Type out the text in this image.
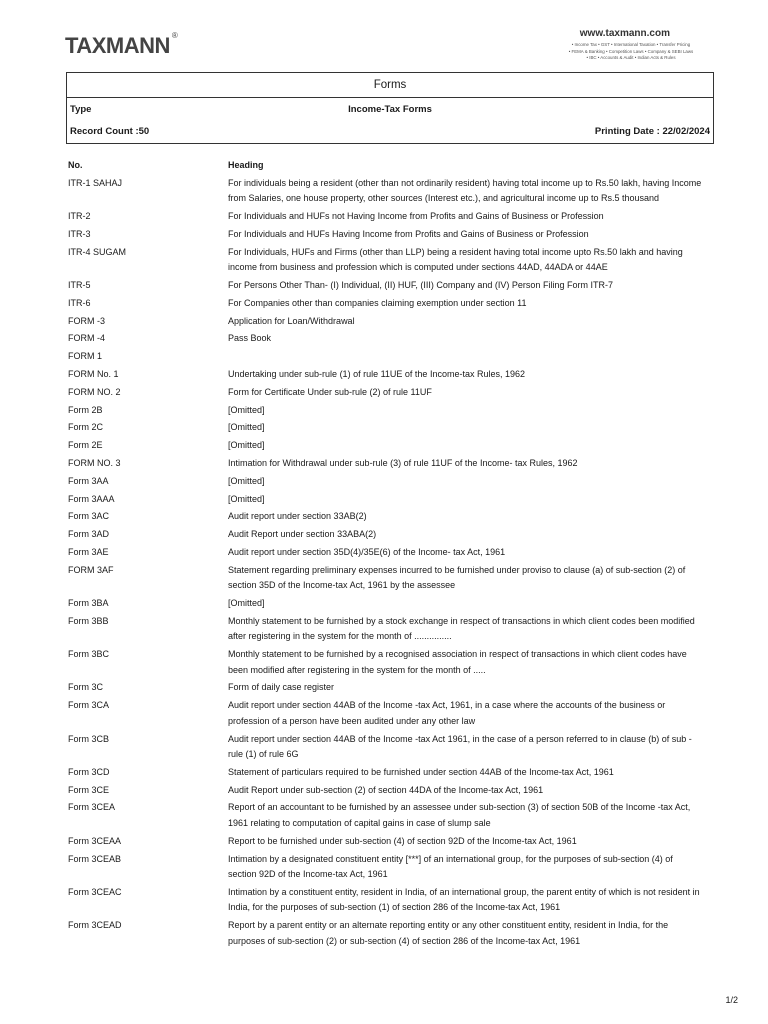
TAXMANN ®	www.taxmann.com
• Income Tax • GST • International Taxation • Transfer Pricing
• FEMA & Banking • Competition Laws • Company & SEBI Laws
• IBC • Accounts & Audit • Indian Acts & Rules
Forms
Type	Income-Tax Forms
Record Count :50	Printing Date : 22/02/2024
No.	Heading
ITR-1 SAHAJ	For individuals being a resident (other than not ordinarily resident) having total income up to Rs.50 lakh, having Income from Salaries, one house property, other sources (Interest etc.), and agricultural income up to Rs.5 thousand
ITR-2	For Individuals and HUFs not Having Income from Profits and Gains of Business or Profession
ITR-3	For Individuals and HUFs Having Income from Profits and Gains of Business or Profession
ITR-4 SUGAM	For Individuals, HUFs and Firms (other than LLP) being a resident having total income upto Rs.50 lakh and having income from business and profession which is computed under sections 44AD, 44ADA or 44AE
ITR-5	For Persons Other Than- (I) Individual, (II) HUF, (III) Company and (IV) Person Filing Form ITR-7
ITR-6	For Companies other than companies claiming exemption under section 11
FORM -3	Application for Loan/Withdrawal
FORM -4	Pass Book
FORM 1	
FORM No. 1	Undertaking under sub-rule (1) of rule 11UE of the Income-tax Rules, 1962
FORM NO. 2	Form for Certificate Under sub-rule (2) of rule 11UF
Form 2B	[Omitted]
Form 2C	[Omitted]
Form 2E	[Omitted]
FORM NO. 3	Intimation for Withdrawal under sub-rule (3) of rule 11UF of the Income- tax Rules, 1962
Form 3AA	[Omitted]
Form 3AAA	[Omitted]
Form 3AC	Audit report under section 33AB(2)
Form 3AD	Audit Report under section 33ABA(2)
Form 3AE	Audit report under section 35D(4)/35E(6) of the Income- tax Act, 1961
FORM 3AF	Statement regarding preliminary expenses incurred to be furnished under proviso to clause (a) of sub-section (2) of section 35D of the Income-tax Act, 1961 by the assessee
Form 3BA	[Omitted]
Form 3BB	Monthly statement to be furnished by a stock exchange in respect of transactions in which client codes been modified after registering in the system for the month of ...............
Form 3BC	Monthly statement to be furnished by a recognised association in respect of transactions in which client codes have been modified after registering in the system for the month of .....
Form 3C	Form of daily case register
Form 3CA	Audit report under section 44AB of the Income -tax Act, 1961, in a case where the accounts of the business or profession of a person have been audited under any other law
Form 3CB	Audit report under section 44AB of the Income -tax Act 1961, in the case of a person referred to in clause (b) of sub - rule (1) of rule 6G
Form 3CD	Statement of particulars required to be furnished under section 44AB of the Income-tax Act, 1961
Form 3CE	Audit Report under sub-section (2) of section 44DA of the Income-tax Act, 1961
Form 3CEA	Report of an accountant to be furnished by an assessee under sub-section (3) of section 50B of the Income -tax Act, 1961 relating to computation of capital gains in case of slump sale
Form 3CEAA	Report to be furnished under sub-section (4) of section 92D of the Income-tax Act, 1961
Form 3CEAB	Intimation by a designated constituent entity [***] of an international group, for the purposes of sub-section (4) of section 92D of the Income-tax Act, 1961
Form 3CEAC	Intimation by a constituent entity, resident in India, of an international group, the parent entity of which is not resident in India, for the purposes of sub-section (1) of section 286 of the Income-tax Act, 1961
Form 3CEAD	Report by a parent entity or an alternate reporting entity or any other constituent entity, resident in India, for the purposes of sub-section (2) or sub-section (4) of section 286 of the Income-tax Act, 1961
1/2
